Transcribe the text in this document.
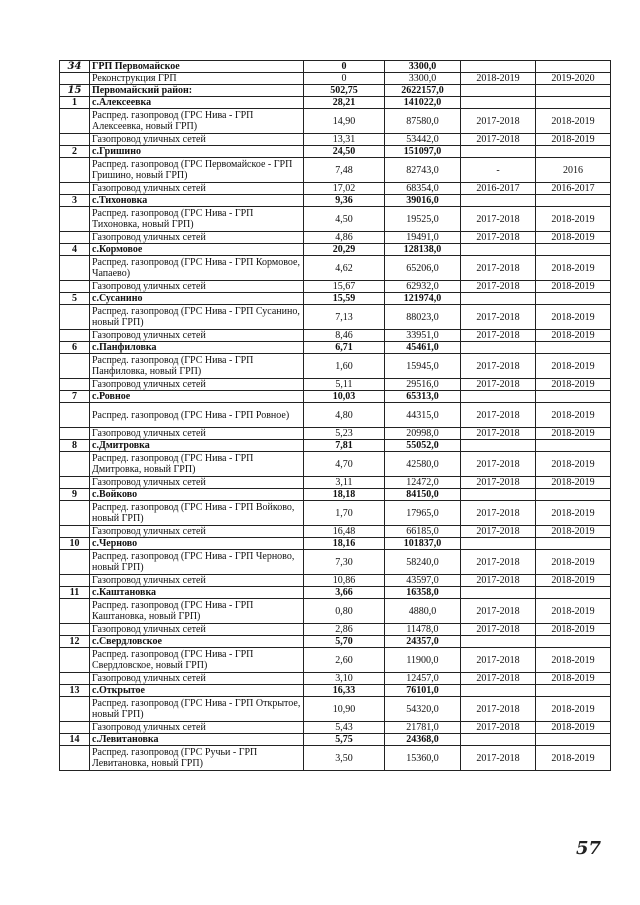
34	ГРП Первомайское	0	3300,0		
	Реконструкция ГРП	0	3300,0	2018-2019	2019-2020
15	Первомайский район:	502,75	2622157,0		
1	с.Алексеевка	28,21	141022,0		
	Распред. газопровод (ГРС Нива - ГРП Алексеевка, новый ГРП)	14,90	87580,0	2017-2018	2018-2019
	Газопровод уличных сетей	13,31	53442,0	2017-2018	2018-2019
2	с.Гришино	24,50	151097,0		
	Распред. газопровод (ГРС Первомайское - ГРП Гришино, новый ГРП)	7,48	82743,0	-	2016
	Газопровод уличных сетей	17,02	68354,0	2016-2017	2016-2017
3	с.Тихоновка	9,36	39016,0		
	Распред. газопровод (ГРС Нива - ГРП Тихоновка, новый ГРП)	4,50	19525,0	2017-2018	2018-2019
	Газопровод уличных сетей	4,86	19491,0	2017-2018	2018-2019
4	с.Кормовое	20,29	128138,0		
	Распред. газопровод (ГРС Нива - ГРП Кормовое, Чапаево)	4,62	65206,0	2017-2018	2018-2019
	Газопровод уличных сетей	15,67	62932,0	2017-2018	2018-2019
5	с.Сусанино	15,59	121974,0		
	Распред. газопровод (ГРС Нива - ГРП Сусанино, новый ГРП)	7,13	88023,0	2017-2018	2018-2019
	Газопровод уличных сетей	8,46	33951,0	2017-2018	2018-2019
6	с.Панфиловка	6,71	45461,0		
	Распред. газопровод (ГРС Нива - ГРП Панфиловка, новый ГРП)	1,60	15945,0	2017-2018	2018-2019
	Газопровод уличных сетей	5,11	29516,0	2017-2018	2018-2019
7	с.Ровное	10,03	65313,0		
	Распред. газопровод (ГРС Нива - ГРП Ровное)	4,80	44315,0	2017-2018	2018-2019
	Газопровод уличных сетей	5,23	20998,0	2017-2018	2018-2019
8	с.Дмитровка	7,81	55052,0		
	Распред. газопровод (ГРС Нива - ГРП Дмитровка, новый ГРП)	4,70	42580,0	2017-2018	2018-2019
	Газопровод уличных сетей	3,11	12472,0	2017-2018	2018-2019
9	с.Войково	18,18	84150,0		
	Распред. газопровод (ГРС Нива - ГРП Войково, новый ГРП)	1,70	17965,0	2017-2018	2018-2019
	Газопровод уличных сетей	16,48	66185,0	2017-2018	2018-2019
10	с.Черново	18,16	101837,0		
	Распред. газопровод (ГРС Нива - ГРП Черново, новый ГРП)	7,30	58240,0	2017-2018	2018-2019
	Газопровод уличных сетей	10,86	43597,0	2017-2018	2018-2019
11	с.Каштановка	3,66	16358,0		
	Распред. газопровод (ГРС Нива - ГРП Каштановка, новый ГРП)	0,80	4880,0	2017-2018	2018-2019
	Газопровод уличных сетей	2,86	11478,0	2017-2018	2018-2019
12	с.Свердловское	5,70	24357,0		
	Распред. газопровод (ГРС Нива - ГРП Свердловское, новый ГРП)	2,60	11900,0	2017-2018	2018-2019
	Газопровод уличных сетей	3,10	12457,0	2017-2018	2018-2019
13	с.Открытое	16,33	76101,0		
	Распред. газопровод (ГРС Нива - ГРП Открытое, новый ГРП)	10,90	54320,0	2017-2018	2018-2019
	Газопровод уличных сетей	5,43	21781,0	2017-2018	2018-2019
14	с.Левитановка	5,75	24368,0		
	Распред. газопровод (ГРС Ручьи - ГРП Левитановка, новый ГРП)	3,50	15360,0	2017-2018	2018-2019
57
